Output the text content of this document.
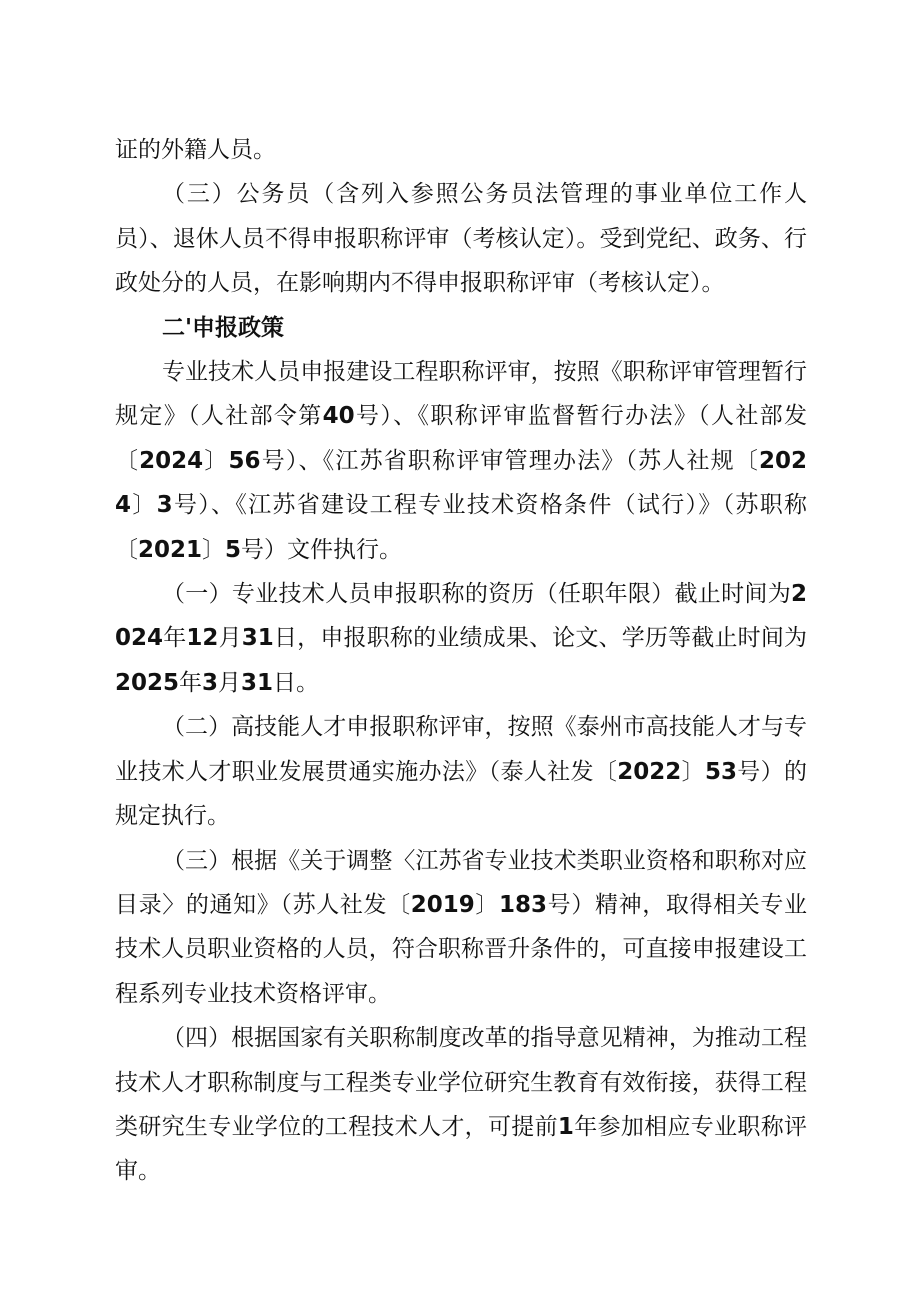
证的外籍人员。

（三）公务员（含列入参照公务员法管理的事业单位工作人员）、退休人员不得申报职称评审（考核认定）。受到党纪、政务、行政处分的人员，在影响期内不得申报职称评审（考核认定）。

二'申报政策

专业技术人员申报建设工程职称评审，按照《职称评审管理暂行规定》（人社部令第40号）、《职称评审监督暂行办法》（人社部发〔2024〕56号）、《江苏省职称评审管理办法》（苏人社规〔2024〕3号）、《江苏省建设工程专业技术资格条件（试行）》（苏职称〔2021〕5号）文件执行。

（一）专业技术人员申报职称的资历（任职年限）截止时间为2024年12月31日，申报职称的业绩成果、论文、学历等截止时间为2025年3月31日。

（二）高技能人才申报职称评审，按照《泰州市高技能人才与专业技术人才职业发展贯通实施办法》（泰人社发〔2022〕53号）的规定执行。

（三）根据《关于调整〈江苏省专业技术类职业资格和职称对应目录〉的通知》（苏人社发〔2019〕183号）精神，取得相关专业技术人员职业资格的人员，符合职称晋升条件的，可直接申报建设工程系列专业技术资格评审。

（四）根据国家有关职称制度改革的指导意见精神，为推动工程技术人才职称制度与工程类专业学位研究生教育有效衔接，获得工程类研究生专业学位的工程技术人才，可提前1年参加相应专业职称评审。
